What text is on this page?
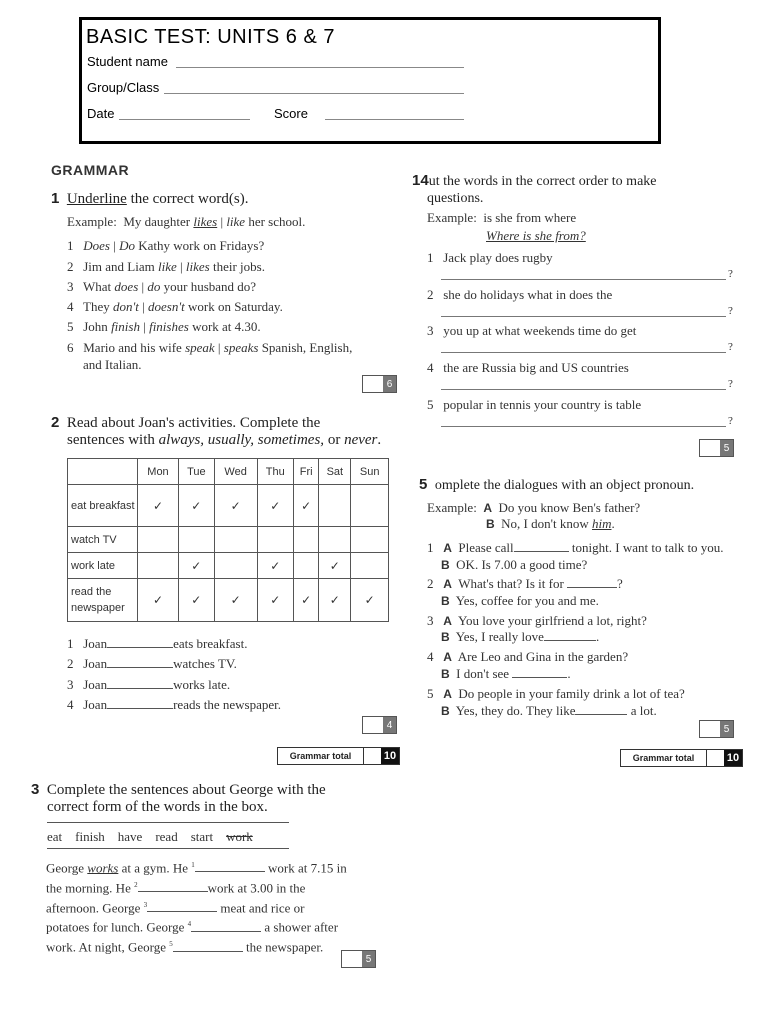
BASIC TEST: UNITS 6 & 7
Student name
Group/Class
Date	Score
GRAMMAR
1 Underline the correct word(s).
Example: My daughter likes | like her school.
1 Does | Do Kathy work on Fridays?
2 Jim and Liam like | likes their jobs.
3 What does | do your husband do?
4 They don't | doesn't work on Saturday.
5 John finish | finishes work at 4.30.
6 Mario and his wife speak | speaks Spanish, English,
and Italian.
6
2 Read about Joan's activities. Complete the
sentences with always, usually, sometimes, or never.
	Mon	Tue	Wed	Thu	Fri	Sat	Sun
eat breakfast	✓	✓	✓	✓	✓		
watch TV							
work late		✓		✓		✓	
read the newspaper	✓	✓	✓	✓	✓	✓	✓
1 Joan	eats breakfast.
2 Joan	watches TV.
3 Joan	works late.
4 Joan	reads the newspaper.
4
Grammar total	10
3 Complete the sentences about George with the
correct form of the words in the box.
eat finish have read start work
George works at a gym. He $^1$	work at 7.15 in
the morning. He $^2$	work at 3.00 in the
afternoon. George $^3$	meat and rice or
potatoes for lunch. George $^4$	a shower after
work. At night, George $^5$	the newspaper.
5
14ut the words in the correct order to make
questions.
Example: is she from where
Where is she from?
1 Jack play does rugby
?
2 she do holidays what in does the
?
3 you up at what weekends time do get
?
4 the are Russia big and US countries
?
5 popular in tennis your country is table
?
5
5 omplete the dialogues with an object pronoun.
Example: A Do you know Ben's father?
B No, I don't know him.
1 A Please call	tonight. I want to talk to you.
B OK. Is 7.00 a good time?
2 A What's that? Is it for	?
B Yes, coffee for you and me.
3 A You love your girlfriend a lot, right?
B Yes, I really love	.
4 A Are Leo and Gina in the garden?
B I don't see	.
5 A Do people in your family drink a lot of tea?
B Yes, they do. They like	a lot.
5
Grammar total	10
